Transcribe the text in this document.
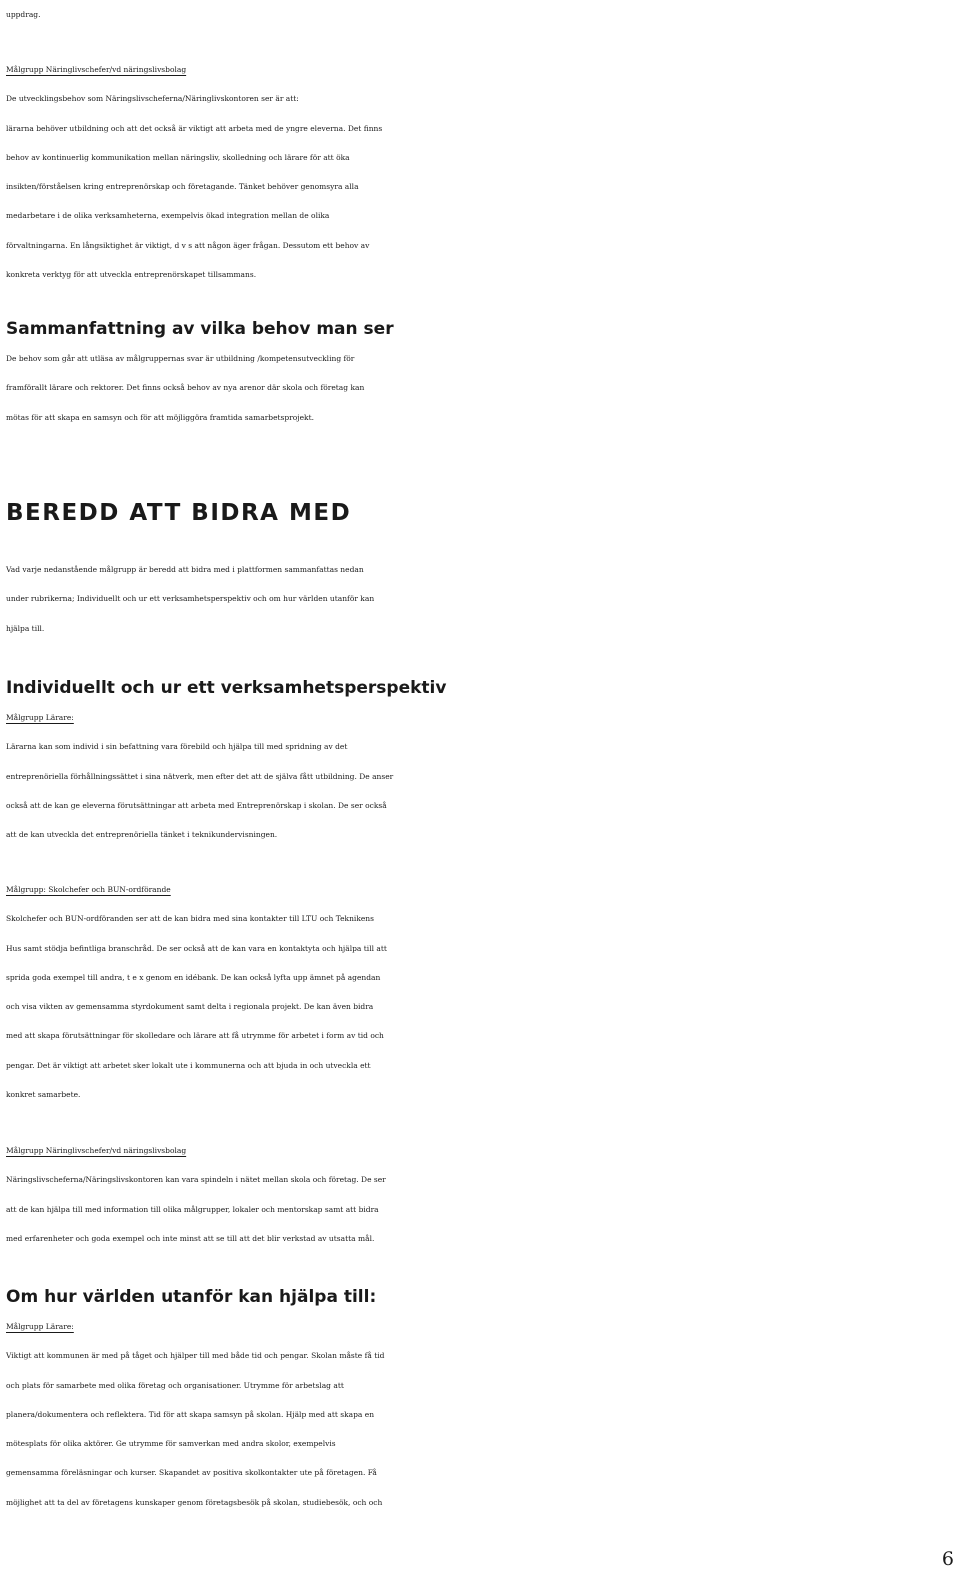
uppdrag.
Målgrupp Näringlivschefer/vd näringslivsbolag
De utvecklingsbehov som Näringslivscheferna/Näringlivskontoren ser är att:
lärarna behöver utbildning och att det också är viktigt att arbeta med de yngre eleverna. Det finns
behov av kontinuerlig kommunikation mellan näringsliv, skolledning och lärare för att öka
insikten/förståelsen kring entreprenörskap och företagande. Tänket behöver genomsyra alla
medarbetare i de olika verksamheterna, exempelvis ökad integration mellan de olika
förvaltningarna. En långsiktighet är viktigt, d v s att någon äger frågan. Dessutom ett behov av
konkreta verktyg för att utveckla entreprenörskapet tillsammans.
Sammanfattning av vilka behov man ser
De behov som går att utläsa av målgruppernas svar är utbildning /kompetensutveckling för
framförallt lärare och rektorer. Det finns också behov av nya arenor där skola och företag kan
mötas för att skapa en samsyn och för att möjliggöra framtida samarbetsprojekt.
BEREDD ATT BIDRA MED
Vad varje nedanstående målgrupp är beredd att bidra med i plattformen sammanfattas nedan
under rubrikerna; Individuellt och ur ett verksamhetsperspektiv och om hur världen utanför kan
hjälpa till.
Individuellt och ur ett verksamhetsperspektiv
Målgrupp Lärare:
Lärarna kan som individ i sin befattning vara förebild och hjälpa till med spridning av det
entreprenöriella förhållningssättet i sina nätverk, men efter det att de själva fått utbildning. De anser
också att de kan ge eleverna förutsättningar att arbeta med Entreprenörskap i skolan. De ser också
att de kan utveckla det entreprenöriella tänket i teknikundervisningen.
Målgrupp: Skolchefer och BUN-ordförande
Skolchefer och BUN-ordföranden ser att de kan bidra med sina kontakter till LTU och Teknikens
Hus samt stödja befintliga branschråd. De ser också att de kan vara en kontaktyta och hjälpa till att
sprida goda exempel till andra, t e x genom en idébank. De kan också lyfta upp ämnet på agendan
och visa vikten av gemensamma styrdokument samt delta i regionala projekt. De kan även bidra
med att skapa förutsättningar för skolledare och lärare att få utrymme för arbetet i form av tid och
pengar. Det är viktigt att arbetet sker lokalt ute i kommunerna och att bjuda in och utveckla ett
konkret samarbete.
Målgrupp Näringlivschefer/vd näringslivsbolag
Näringslivscheferna/Näringslivskontoren kan vara spindeln i nätet mellan skola och företag. De ser
att de kan hjälpa till med information till olika målgrupper, lokaler och mentorskap samt att bidra
med erfarenheter och goda exempel och inte minst att se till att det blir verkstad av utsatta mål.
Om hur världen utanför kan hjälpa till:
Målgrupp Lärare:
Viktigt att kommunen är med på tåget och hjälper till med både tid och pengar. Skolan måste få tid
och plats för samarbete med olika företag och organisationer. Utrymme för arbetslag att
planera/dokumentera och reflektera. Tid för att skapa samsyn på skolan. Hjälp med att skapa en
mötesplats för olika aktörer. Ge utrymme för samverkan med andra skolor, exempelvis
gemensamma föreläsningar och kurser. Skapandet av positiva skolkontakter ute på företagen. Få
möjlighet att ta del av företagens kunskaper genom företagsbesök på skolan, studiebesök, och och
6
